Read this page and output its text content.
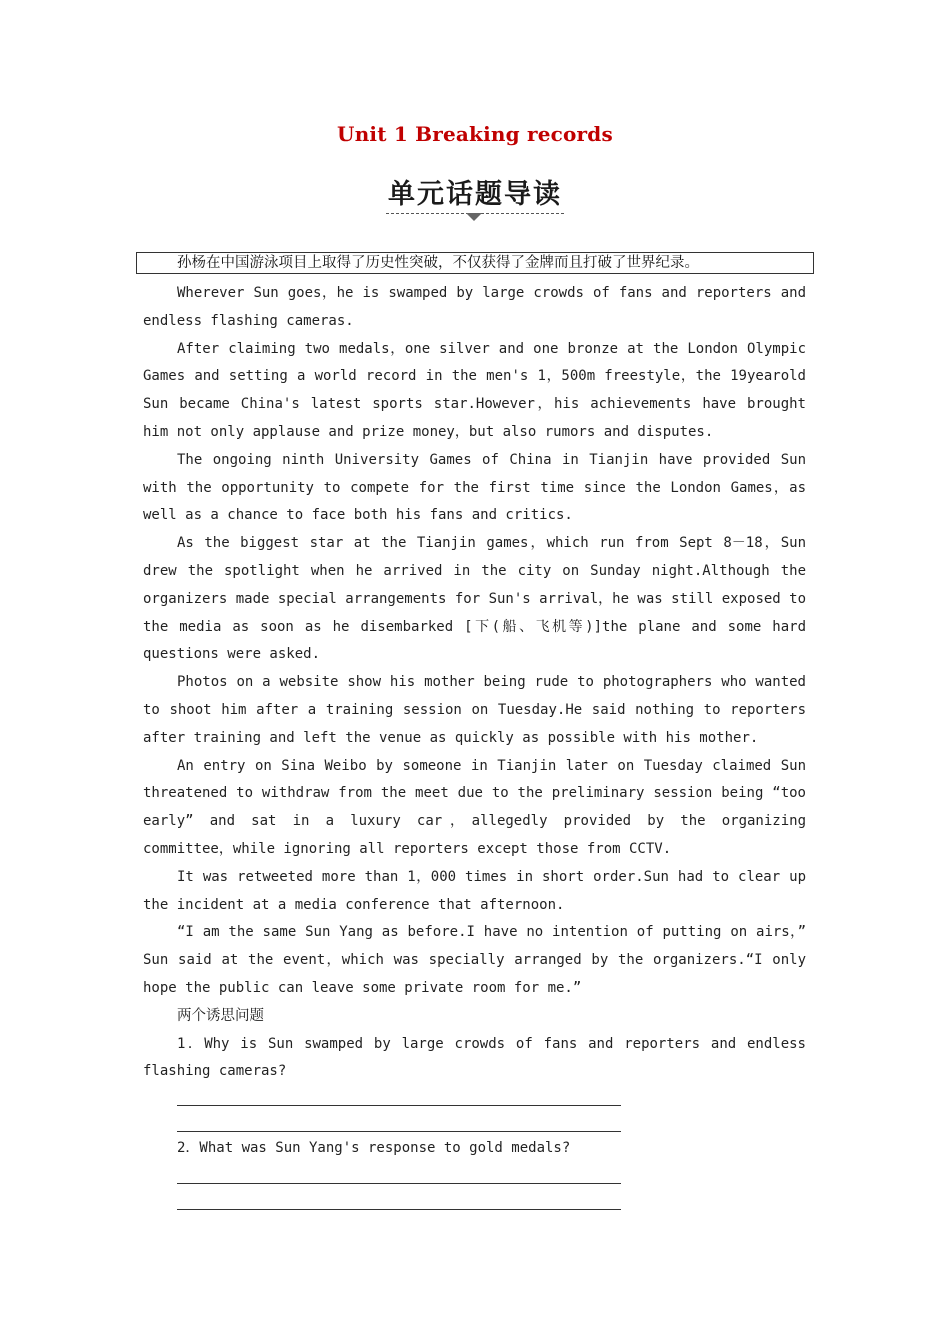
Unit 1 Breaking records
单元话题导读
孙杨在中国游泳项目上取得了历史性突破，不仅获得了金牌而且打破了世界纪录。

Wherever Sun goes，he is swamped by large crowds of fans and reporters and endless flashing cameras.

After claiming two medals，one silver and one bronze at the London Olympic Games and setting a world record in the men's 1，500m freestyle，the 19yearold Sun became China's latest sports star.However，his achievements have brought him not only applause and prize money，but also rumors and disputes.

The ongoing ninth University Games of China in Tianjin have provided Sun with the opportunity to compete for the first time since the London Games，as well as a chance to face both his fans and critics.

As the biggest star at the Tianjin games，which run from Sept 8－18，Sun drew the spotlight when he arrived in the city on Sunday night.Although the organizers made special arrangements for Sun's arrival，he was still exposed to the media as soon as he disembarked [下(船、飞机等)]the plane and some hard questions were asked.

Photos on a website show his mother being rude to photographers who wanted to shoot him after a training session on Tuesday.He said nothing to reporters after training and left the venue as quickly as possible with his mother.

An entry on Sina Weibo by someone in Tianjin later on Tuesday claimed Sun threatened to withdraw from the meet due to the preliminary session being “too early” and sat in a luxury car，allegedly provided by the organizing committee，while ignoring all reporters except those from CCTV.

It was retweeted more than 1，000 times in short order.Sun had to clear up the incident at a media conference that afternoon.

“I am the same Sun Yang as before.I have no intention of putting on airs，” Sun said at the event，which was specially arranged by the organizers.“I only hope the public can leave some private room for me.”

两个诱思问题

1．Why is Sun swamped by large crowds of fans and reporters and endless flashing cameras?

2．What was Sun Yang's response to gold medals?
